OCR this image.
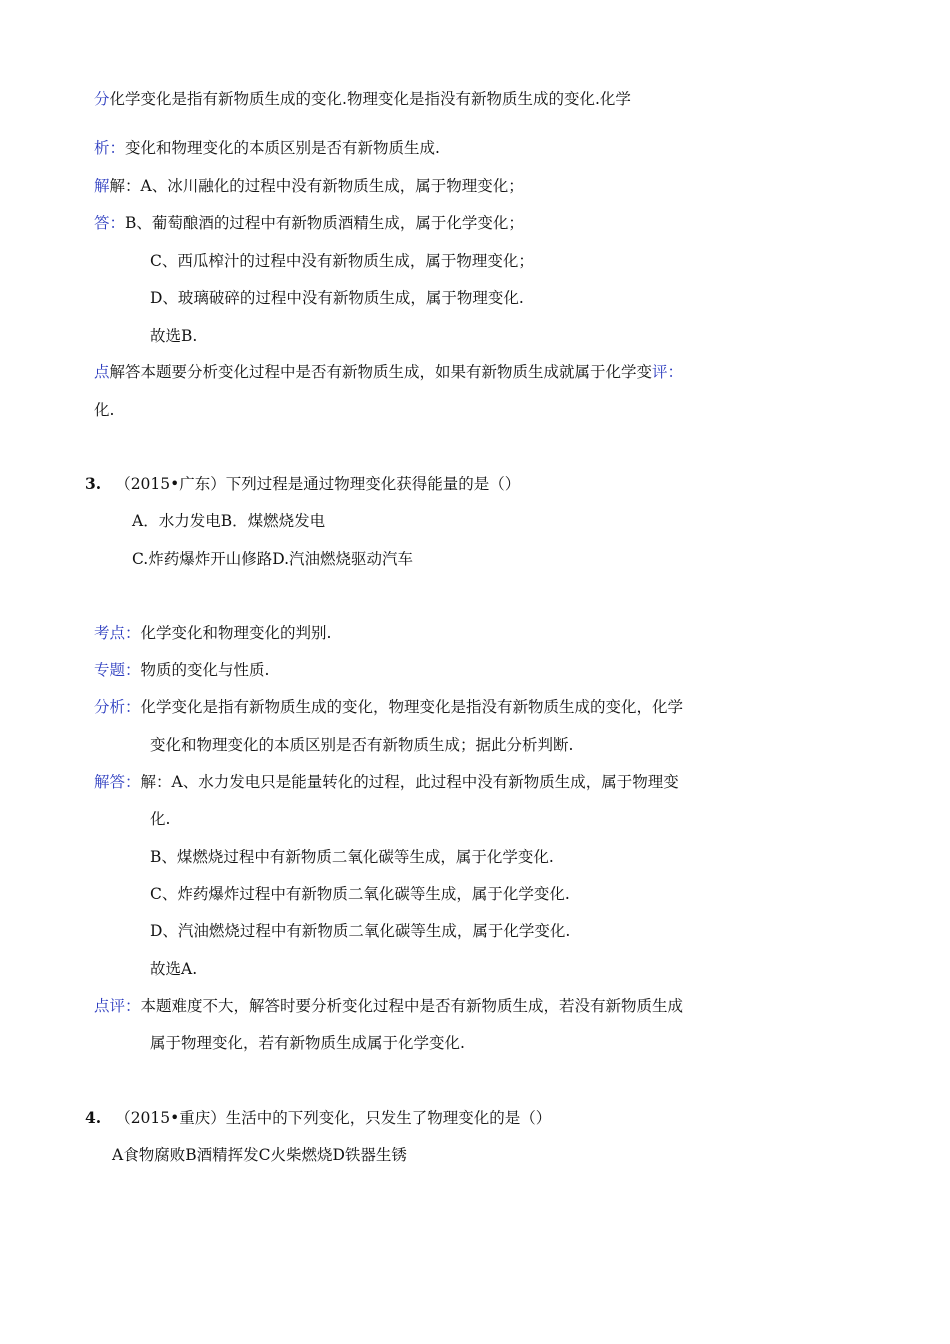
分化学变化是指有新物质生成的变化.物理变化是指没有新物质生成的变化.化学
析：变化和物理变化的本质区别是否有新物质生成.
解解：A、冰川融化的过程中没有新物质生成，属于物理变化；
答：B、葡萄酿酒的过程中有新物质酒精生成，属于化学变化；
C、西瓜榨汁的过程中没有新物质生成，属于物理变化；
D、玻璃破碎的过程中没有新物质生成，属于物理变化.
故选B.
点解答本题要分析变化过程中是否有新物质生成，如果有新物质生成就属于化学变评：
化.
3. （2015•广东）下列过程是通过物理变化获得能量的是（）
A．水力发电B．煤燃烧发电
C.炸药爆炸开山修路D.汽油燃烧驱动汽车
考点：化学变化和物理变化的判别.
专题：物质的变化与性质.
分析：化学变化是指有新物质生成的变化，物理变化是指没有新物质生成的变化，化学
变化和物理变化的本质区别是否有新物质生成；据此分析判断.
解答：解：A、水力发电只是能量转化的过程，此过程中没有新物质生成，属于物理变
化.
B、煤燃烧过程中有新物质二氧化碳等生成，属于化学变化.
C、炸药爆炸过程中有新物质二氧化碳等生成，属于化学变化.
D、汽油燃烧过程中有新物质二氧化碳等生成，属于化学变化.
故选A.
点评：本题难度不大，解答时要分析变化过程中是否有新物质生成，若没有新物质生成
属于物理变化，若有新物质生成属于化学变化.
4. （2015•重庆）生活中的下列变化，只发生了物理变化的是（）
A食物腐败B酒精挥发C火柴燃烧D铁器生锈
